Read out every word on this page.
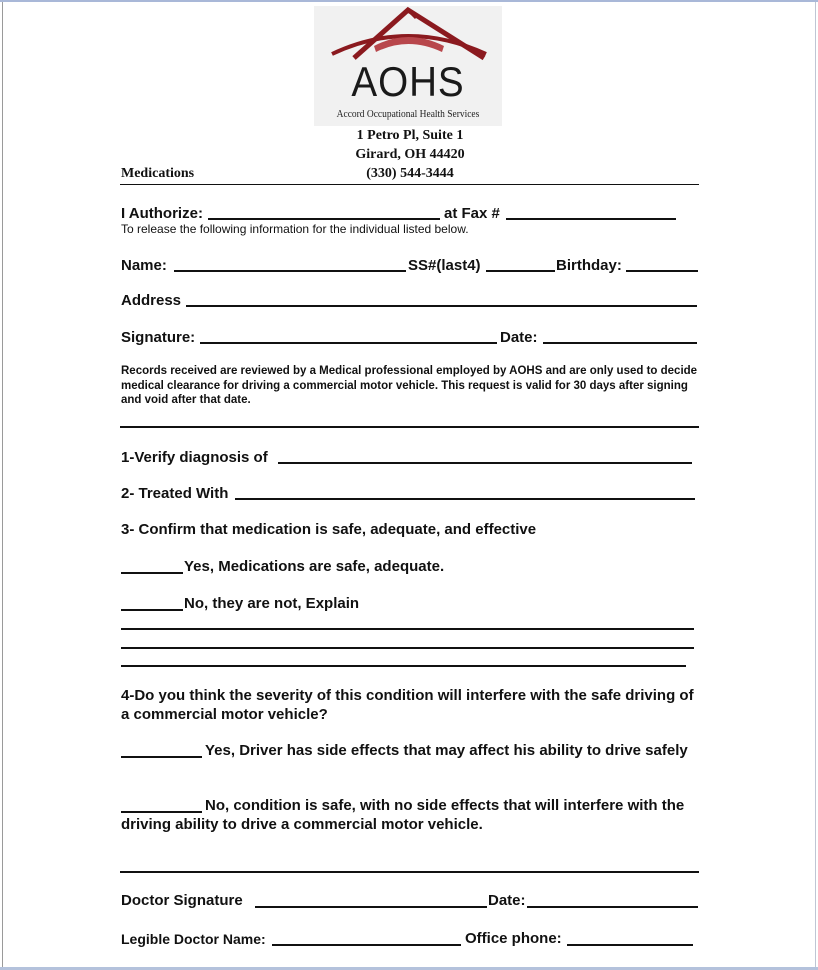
AOHS
Accord Occupational Health Services
1 Petro Pl, Suite 1
Girard, OH 44420
(330) 544-3444
Medications
I Authorize:	at Fax #
To release the following information for the individual listed below.
Name:	SS#(last4)	Birthday:
Address
Signature:	Date:
Records received are reviewed by a Medical professional employed by AOHS and are only used to decide medical clearance for driving a commercial motor vehicle. This request is valid for 30 days after signing and void after that date.
1-Verify diagnosis of
2- Treated With
3- Confirm that medication is safe, adequate, and effective
Yes, Medications are safe, adequate.
No, they are not, Explain
4-Do you think the severity of this condition will interfere with the safe driving of a commercial motor vehicle?
Yes, Driver has side effects that may affect his ability to drive safely
No, condition is safe, with no side effects that will interfere with the driving ability to drive a commercial motor vehicle.
Doctor Signature	Date:
Legible Doctor Name:	Office phone:
